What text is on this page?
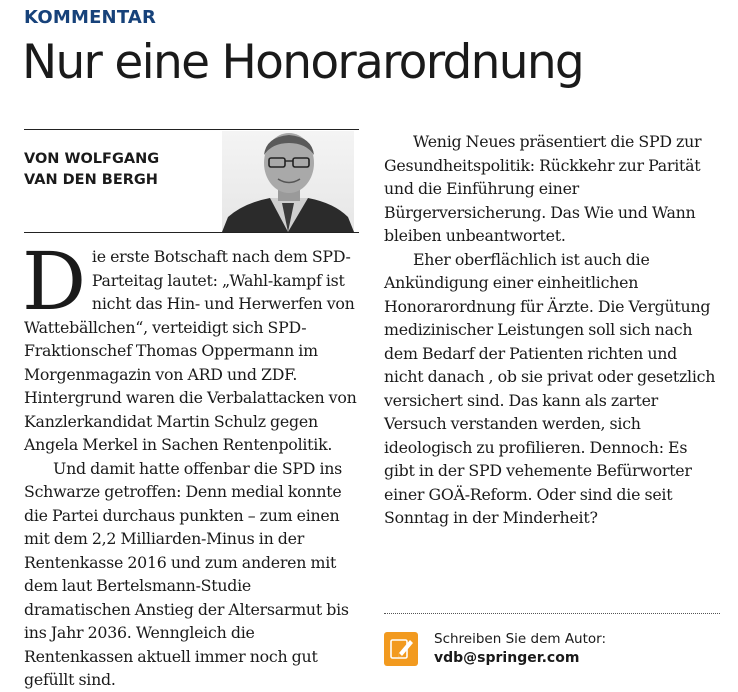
KOMMENTAR
Nur eine Honorarordnung
VON WOLFGANG
VAN DEN BERGH

Die erste Botschaft nach dem SPD-Parteitag lautet: „Wahl-kampf ist nicht das Hin- und Herwerfen von Wattebällchen“, verteidigt sich SPD-Fraktionschef Thomas Oppermann im Morgenmagazin von ARD und ZDF. Hintergrund waren die Verbalattacken von Kanzlerkandidat Martin Schulz gegen Angela Merkel in Sachen Rentenpolitik.

Und damit hatte offenbar die SPD ins Schwarze getroffen: Denn medial konnte die Partei durchaus punkten – zum einen mit dem 2,2 Milliarden-Minus in der Rentenkasse 2016 und zum anderen mit dem laut Bertelsmann-Studie dramatischen Anstieg der Altersarmut bis ins Jahr 2036. Wenngleich die Rentenkassen aktuell immer noch gut gefüllt sind.

Wenig Neues präsentiert die SPD zur Gesundheitspolitik: Rückkehr zur Parität und die Einführung einer Bürgerversicherung. Das Wie und Wann bleiben unbeantwortet.

Eher oberflächlich ist auch die Ankündigung einer einheitlichen Honorarordnung für Ärzte. Die Vergütung medizinischer Leistungen soll sich nach dem Bedarf der Patienten richten und nicht danach , ob sie privat oder gesetzlich versichert sind. Das kann als zarter Versuch verstanden werden, sich ideologisch zu profilieren. Dennoch: Es gibt in der SPD vehemente Befürworter einer GOÄ-Reform. Oder sind die seit Sonntag in der Minderheit?

Schreiben Sie dem Autor:
vdb@springer.com
